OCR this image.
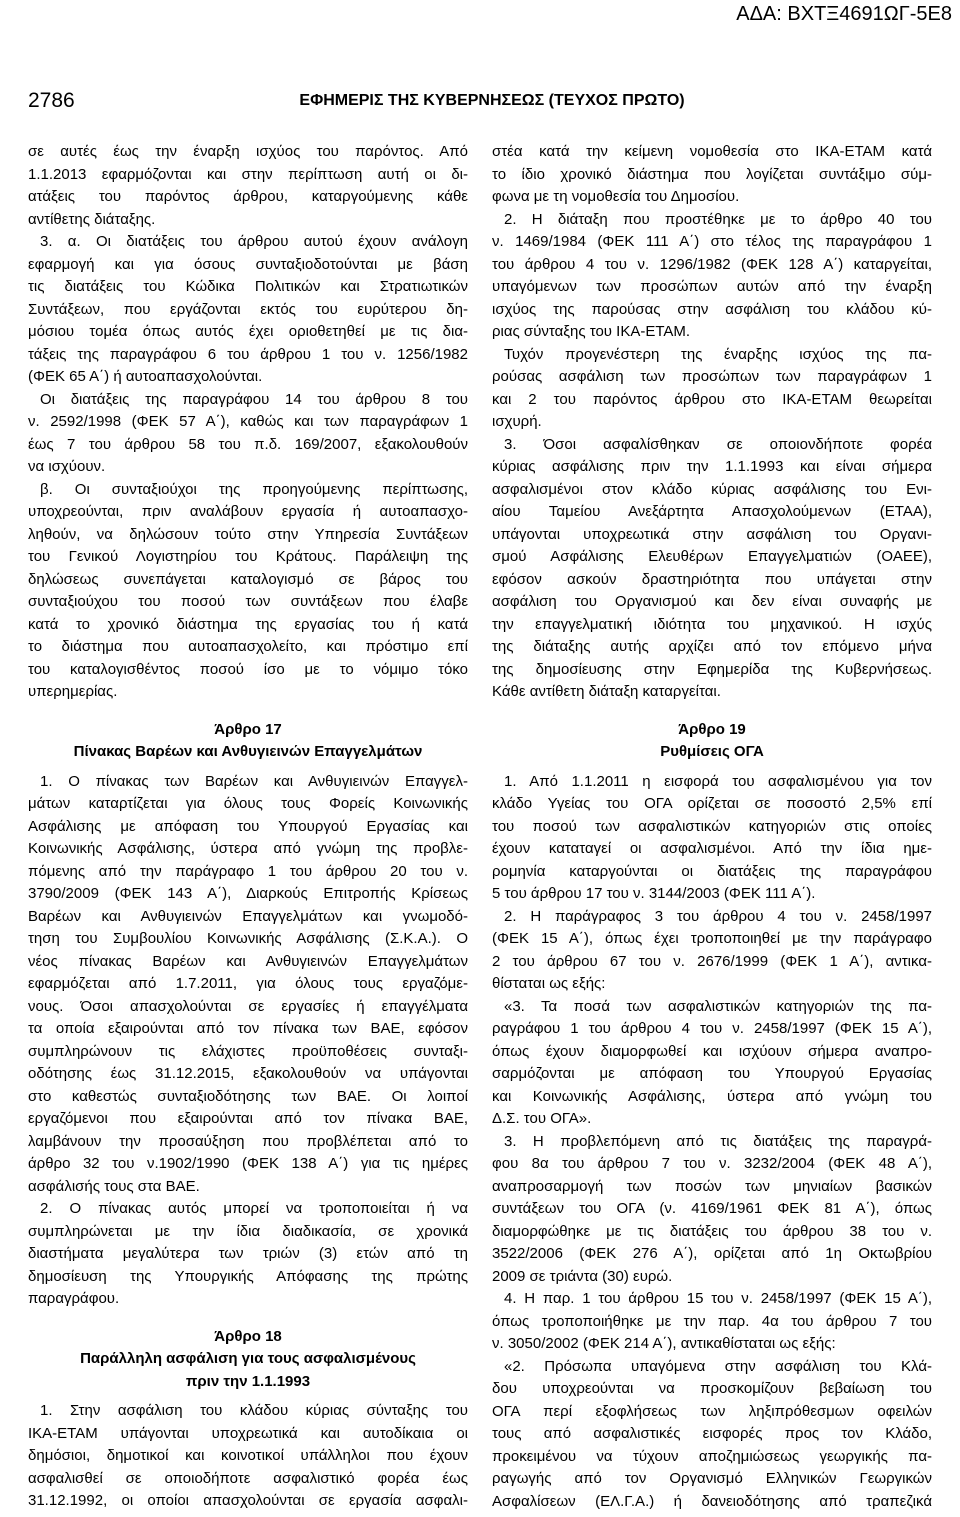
ΑΔΑ: ΒΧΤΞ4691ΩΓ-5Ε8
2786	ΕΦΗΜΕΡΙΣ ΤΗΣ ΚΥΒΕΡΝΗΣΕΩΣ (ΤΕΥΧΟΣ ΠΡΩΤΟ)
σε αυτές έως την έναρξη ισχύος του παρόντος. Από
1.1.2013 εφαρμόζονται και στην περίπτωση αυτή οι δι-
ατάξεις του παρόντος άρθρου, καταργούμενης κάθε
αντίθετης διάταξης.
3. α. Οι διατάξεις του άρθρου αυτού έχουν ανάλογη
εφαρμογή και για όσους συνταξιοδοτούνται με βάση
τις διατάξεις του Κώδικα Πολιτικών και Στρατιωτικών
Συντάξεων, που εργάζονται εκτός του ευρύτερου δη-
μόσιου τομέα όπως αυτός έχει οριοθετηθεί με τις δια-
τάξεις της παραγράφου 6 του άρθρου 1 του ν. 1256/1982
(ΦΕΚ 65 Α΄) ή αυτοαπασχολούνται.
Οι διατάξεις της παραγράφου 14 του άρθρου 8 του
ν. 2592/1998 (ΦΕΚ 57 Α΄), καθώς και των παραγράφων 1
έως 7 του άρθρου 58 του π.δ. 169/2007, εξακολουθούν
να ισχύουν.
β. Οι συνταξιούχοι της προηγούμενης περίπτωσης,
υποχρεούνται, πριν αναλάβουν εργασία ή αυτοαπασχο-
ληθούν, να δηλώσουν τούτο στην Υπηρεσία Συντάξεων
του Γενικού Λογιστηρίου του Κράτους. Παράλειψη της
δηλώσεως συνεπάγεται καταλογισμό σε βάρος του
συνταξιούχου του ποσού των συντάξεων που έλαβε
κατά το χρονικό διάστημα της εργασίας του ή κατά
το διάστημα που αυτοαπασχολείτο, και πρόστιμο επί
του καταλογισθέντος ποσού ίσο με το νόμιμο τόκο
υπερημερίας.
Άρθρο 17
Πίνακας Βαρέων και Ανθυγιεινών Επαγγελμάτων
1. Ο πίνακας των Βαρέων και Ανθυγιεινών Επαγγελ-
μάτων καταρτίζεται για όλους τους Φορείς Κοινωνικής
Ασφάλισης με απόφαση του Υπουργού Εργασίας και
Κοινωνικής Ασφάλισης, ύστερα από γνώμη της προβλε-
πόμενης από την παράγραφο 1 του άρθρου 20 του ν.
3790/2009 (ΦΕΚ 143 Α΄), Διαρκούς Επιτροπής Κρίσεως
Βαρέων και Ανθυγιεινών Επαγγελμάτων και γνωμοδό-
τηση του Συμβουλίου Κοινωνικής Ασφάλισης (Σ.Κ.Α.). Ο
νέος πίνακας Βαρέων και Ανθυγιεινών Επαγγελμάτων
εφαρμόζεται από 1.7.2011, για όλους τους εργαζόμε-
νους. Όσοι απασχολούνται σε εργασίες ή επαγγέλματα
τα οποία εξαιρούνται από τον πίνακα των ΒΑΕ, εφόσον
συμπληρώνουν τις ελάχιστες προϋποθέσεις συνταξι-
οδότησης έως 31.12.2015, εξακολουθούν να υπάγονται
στο καθεστώς συνταξιοδότησης των ΒΑΕ. Οι λοιποί
εργαζόμενοι που εξαιρούνται από τον πίνακα ΒΑΕ,
λαμβάνουν την προσαύξηση που προβλέπεται από το
άρθρο 32 του ν.1902/1990 (ΦΕΚ 138 Α΄) για τις ημέρες
ασφάλισής τους στα ΒΑΕ.
2. Ο πίνακας αυτός μπορεί να τροποποιείται ή να
συμπληρώνεται με την ίδια διαδικασία, σε χρονικά
διαστήματα μεγαλύτερα των τριών (3) ετών από τη
δημοσίευση της Υπουργικής Απόφασης της πρώτης
παραγράφου.
Άρθρο 18
Παράλληλη ασφάλιση για τους ασφαλισμένους
πριν την 1.1.1993
1. Στην ασφάλιση του κλάδου κύριας σύνταξης του
ΙΚΑ-ΕΤΑΜ υπάγονται υποχρεωτικά και αυτοδίκαια οι
δημόσιοι, δημοτικοί και κοινοτικοί υπάλληλοι που έχουν
ασφαλισθεί σε οποιοδήποτε ασφαλιστικό φορέα έως
31.12.1992, οι οποίοι απασχολούνται σε εργασία ασφαλι-
στέα κατά την κείμενη νομοθεσία στο ΙΚΑ-ΕΤΑΜ κατά
το ίδιο χρονικό διάστημα που λογίζεται συντάξιμο σύμ-
φωνα με τη νομοθεσία του Δημοσίου.
2. Η διάταξη που προστέθηκε με το άρθρο 40 του
ν. 1469/1984 (ΦΕΚ 111 Α΄) στο τέλος της παραγράφου 1
του άρθρου 4 του ν. 1296/1982 (ΦΕΚ 128 Α΄) καταργείται,
υπαγόμενων των προσώπων αυτών από την έναρξη
ισχύος της παρούσας στην ασφάλιση του κλάδου κύ-
ριας σύνταξης του ΙΚΑ-ΕΤΑΜ.
Τυχόν προγενέστερη της έναρξης ισχύος της πα-
ρούσας ασφάλιση των προσώπων των παραγράφων 1
και 2 του παρόντος άρθρου στο ΙΚΑ-ΕΤΑΜ θεωρείται
ισχυρή.
3. Όσοι ασφαλίσθηκαν σε οποιονδήποτε φορέα
κύριας ασφάλισης πριν την 1.1.1993 και είναι σήμερα
ασφαλισμένοι στον κλάδο κύριας ασφάλισης του Ενι-
αίου Ταμείου Ανεξάρτητα Απασχολούμενων (ΕΤΑΑ),
υπάγονται υποχρεωτικά στην ασφάλιση του Οργανι-
σμού Ασφάλισης Ελευθέρων Επαγγελματιών (ΟΑΕΕ),
εφόσον ασκούν δραστηριότητα που υπάγεται στην
ασφάλιση του Οργανισμού και δεν είναι συναφής με
την επαγγελματική ιδιότητα του μηχανικού. Η ισχύς
της διάταξης αυτής αρχίζει από τον επόμενο μήνα
της δημοσίευσης στην Εφημερίδα της Κυβερνήσεως.
Κάθε αντίθετη διάταξη καταργείται.
Άρθρο 19
Ρυθμίσεις ΟΓΑ
1. Από 1.1.2011 η εισφορά του ασφαλισμένου για τον
κλάδο Υγείας του ΟΓΑ ορίζεται σε ποσοστό 2,5% επί
του ποσού των ασφαλιστικών κατηγοριών στις οποίες
έχουν καταταγεί οι ασφαλισμένοι. Από την ίδια ημε-
ρομηνία καταργούνται οι διατάξεις της παραγράφου
5 του άρθρου 17 του ν. 3144/2003 (ΦΕΚ 111 Α΄).
2. Η παράγραφος 3 του άρθρου 4 του ν. 2458/1997
(ΦΕΚ 15 Α΄), όπως έχει τροποποιηθεί με την παράγραφο
2 του άρθρου 67 του ν. 2676/1999 (ΦΕΚ 1 Α΄), αντικα-
θίσταται ως εξής:
«3. Τα ποσά των ασφαλιστικών κατηγοριών της πα-
ραγράφου 1 του άρθρου 4 του ν. 2458/1997 (ΦΕΚ 15 Α΄),
όπως έχουν διαμορφωθεί και ισχύουν σήμερα αναπρο-
σαρμόζονται με απόφαση του Υπουργού Εργασίας
και Κοινωνικής Ασφάλισης, ύστερα από γνώμη του
Δ.Σ. του ΟΓΑ».
3. Η προβλεπόμενη από τις διατάξεις της παραγρά-
φου 8α του άρθρου 7 του ν. 3232/2004 (ΦΕΚ 48 Α΄),
αναπροσαρμογή των ποσών των μηνιαίων βασικών
συντάξεων του ΟΓΑ (ν. 4169/1961 ΦΕΚ 81 Α΄), όπως
διαμορφώθηκε με τις διατάξεις του άρθρου 38 του ν.
3522/2006 (ΦΕΚ 276 Α΄), ορίζεται από 1η Οκτωβρίου
2009 σε τριάντα (30) ευρώ.
4. Η παρ. 1 του άρθρου 15 του ν. 2458/1997 (ΦΕΚ 15 Α΄),
όπως τροποποιήθηκε με την παρ. 4α του άρθρου 7 του
ν. 3050/2002 (ΦΕΚ 214 Α΄), αντικαθίσταται ως εξής:
«2. Πρόσωπα υπαγόμενα στην ασφάλιση του Κλά-
δου υποχρεούνται να προσκομίζουν βεβαίωση του
ΟΓΑ περί εξοφλήσεως των ληξιπρόθεσμων οφειλών
τους από ασφαλιστικές εισφορές προς τον Κλάδο,
προκειμένου να τύχουν αποζημιώσεως γεωργικής πα-
ραγωγής από τον Οργανισμό Ελληνικών Γεωργικών
Ασφαλίσεων (ΕΛ.Γ.Α.) ή δανειοδότησης από τραπεζικά
